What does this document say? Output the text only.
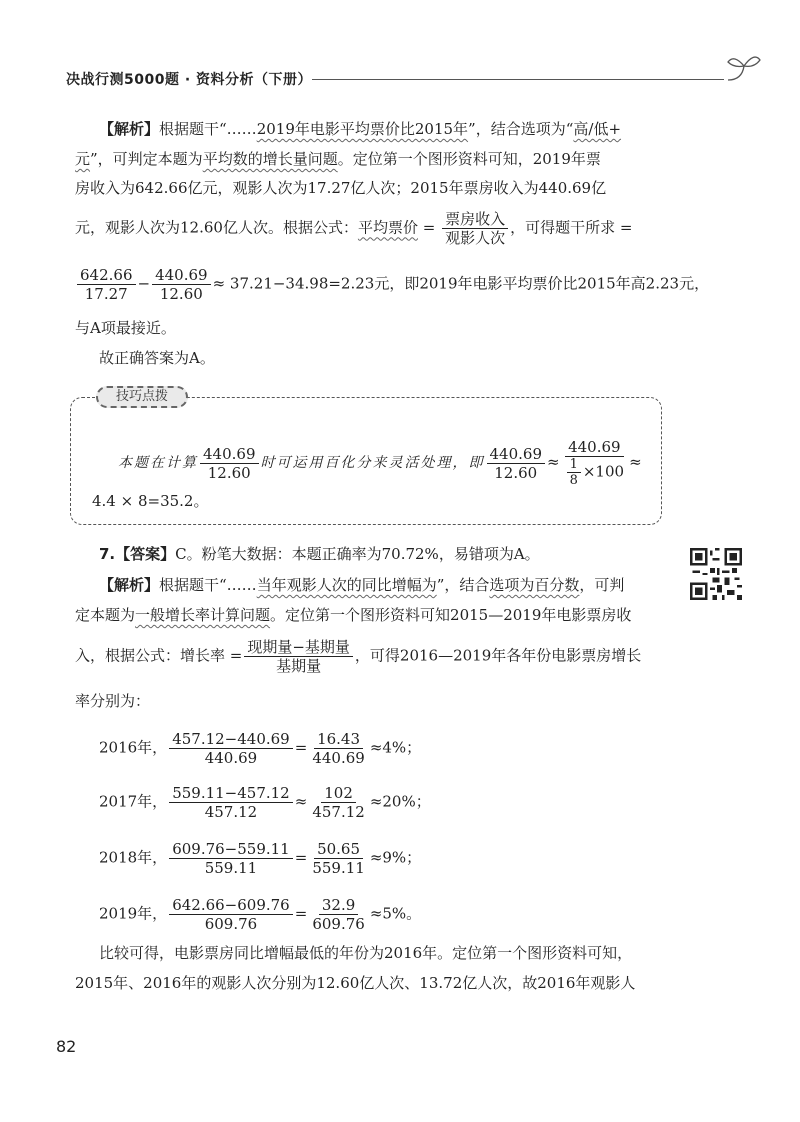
决战行测5000题 · 资料分析（下册）
【解析】根据题干“……2019年电影平均票价比2015年”，结合选项为“高/低+
元”，可判定本题为平均数的增长量问题。定位第一个图形资料可知，2019年票
房收入为642.66亿元，观影人次为17.27亿人次；2015年票房收入为440.69亿
元，观影人次为12.60亿人次。根据公式：平均票价 = $\frac{\text{票房收入}}{\text{观影人次}}$ ，可得题干所求 =
$\frac{642.66}{17.27} - \frac{440.69}{12.60} \approx 37.21-34.98=2.23$元，即2019年电影平均票价比2015年高2.23元，
与A项最接近。
故正确答案为A。
技巧点拨
本题在计算 $\frac{440.69}{12.60}$ 时可运用百化分来灵活处理，即 $\frac{440.69}{12.60} \approx \frac{440.69}{\frac{1}{8} \times 100}$ ≈
4.4 × 8=35.2。
7.【答案】C。粉笔大数据：本题正确率为70.72%，易错项为A。
【解析】根据题干“……当年观影人次的同比增幅为”，结合选项为百分数，可判
定本题为一般增长率计算问题。定位第一个图形资料可知2015—2019年电影票房收
入，根据公式：增长率 = $\frac{\text{现期量−基期量}}{\text{基期量}}$ ，可得2016—2019年各年份电影票房增长
率分别为：
2016年， $\frac{457.12-440.69}{440.69} = \frac{16.43}{440.69} \approx 4\%$；
2017年， $\frac{559.11-457.12}{457.12} \approx \frac{102}{457.12} \approx 20\%$；
2018年， $\frac{609.76-559.11}{559.11} = \frac{50.65}{559.11} \approx 9\%$；
2019年， $\frac{642.66-609.76}{609.76} = \frac{32.9}{609.76} \approx 5\%$。
比较可得，电影票房同比增幅最低的年份为2016年。定位第一个图形资料可知，
2015年、2016年的观影人次分别为12.60亿人次、13.72亿人次，故2016年观影人
82
